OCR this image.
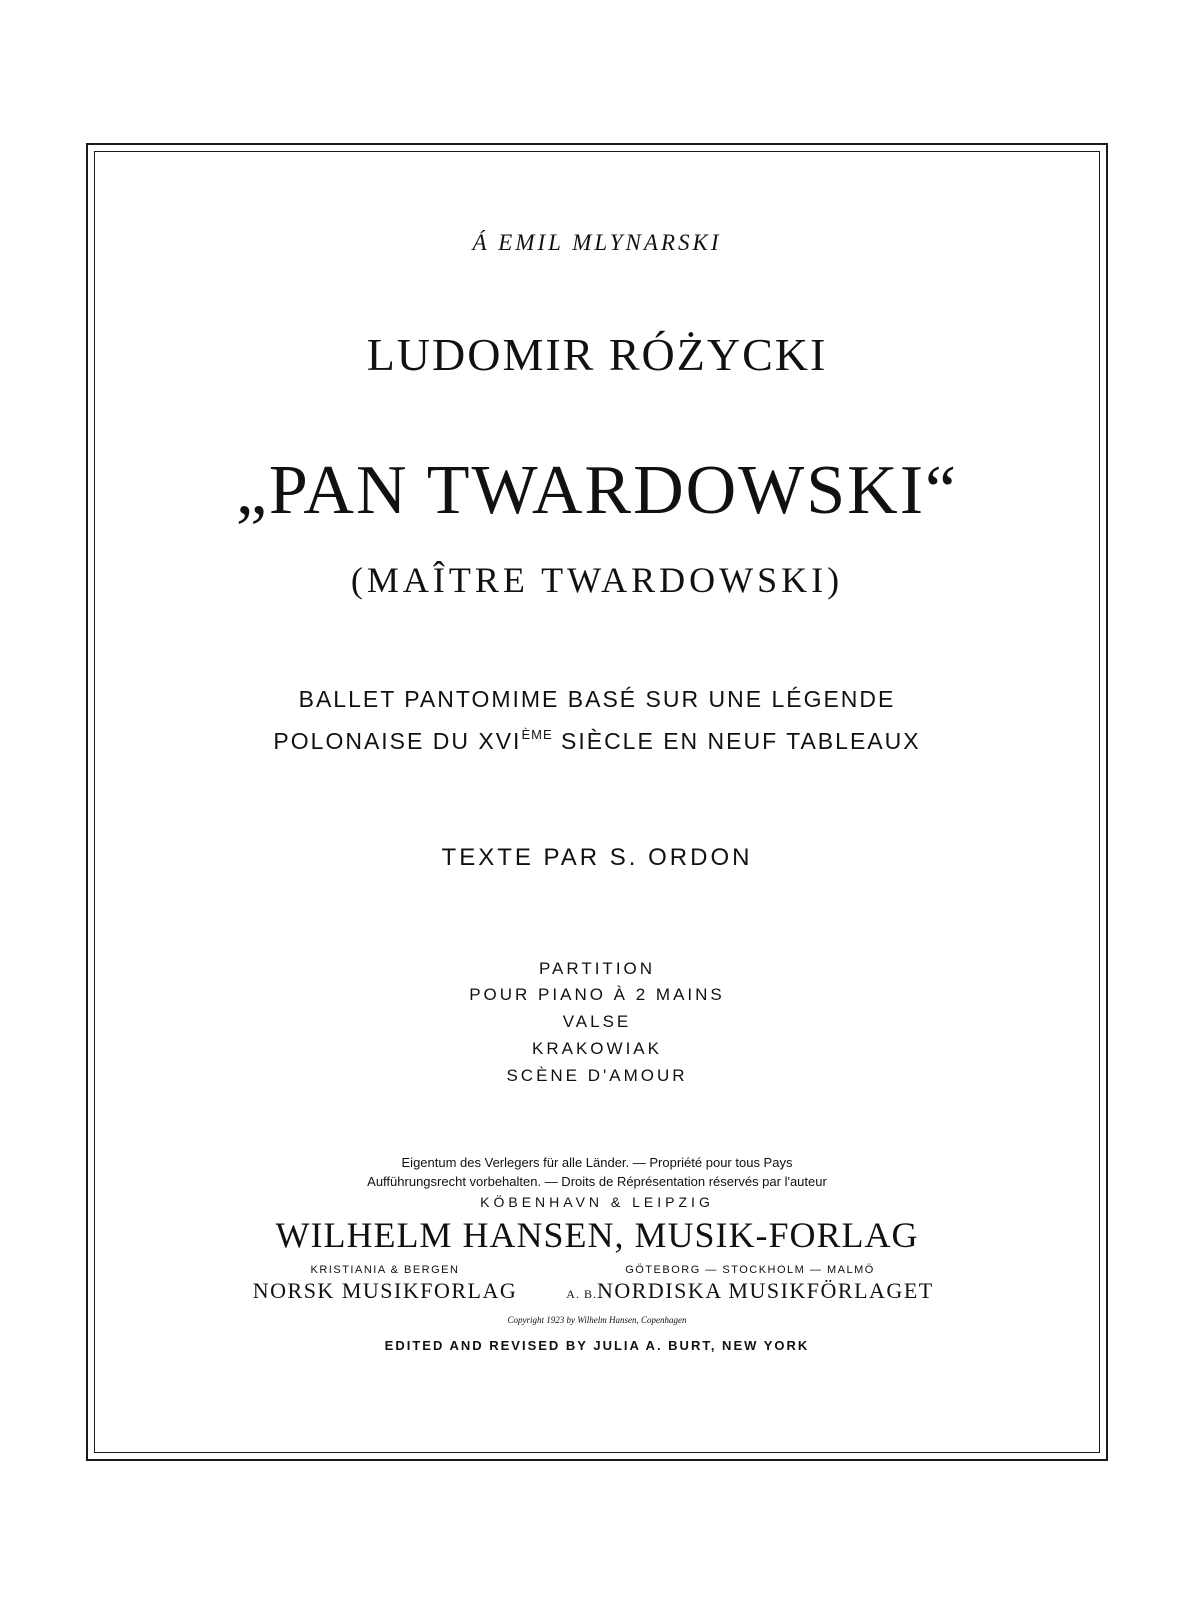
Á EMIL MLYNARSKI
LUDOMIR RÓŻYCKI
„PAN TWARDOWSKI“
(MAÎTRE TWARDOWSKI)
BALLET PANTOMIME BASÉ SUR UNE LÉGENDE
POLONAISE DU XVIÈME SIÈCLE EN NEUF TABLEAUX
TEXTE PAR S. ORDON
PARTITION
POUR PIANO À 2 MAINS
VALSE
KRAKOWIAK
SCÈNE D'AMOUR
Eigentum des Verlegers für alle Länder. — Propriété pour tous Pays
Aufführungsrecht vorbehalten. — Droits de Réprésentation réservés par l'auteur
KÖBENHAVN & LEIPZIG
WILHELM HANSEN, MUSIK-FORLAG
KRISTIANIA & BERGEN
NORSK MUSIKFORLAG
GÖTEBORG — STOCKHOLM — MALMÖ
A. B.NORDISKA MUSIKFÖRLAGET
Copyright 1923 by Wilhelm Hansen, Copenhagen
EDITED AND REVISED BY JULIA A. BURT, NEW YORK
